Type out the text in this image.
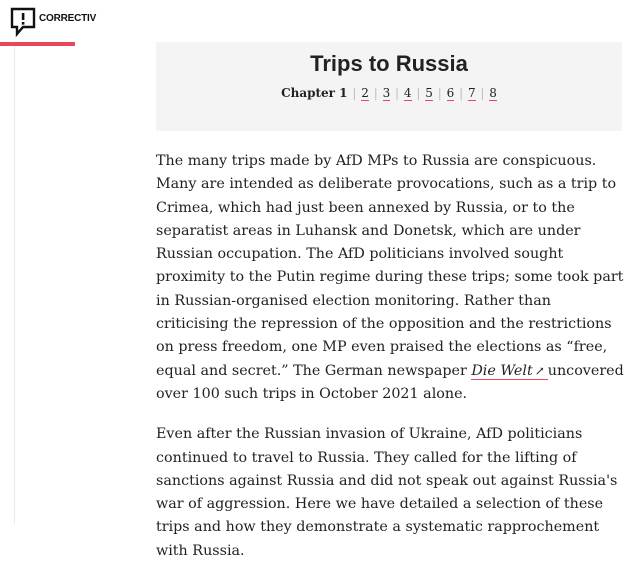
CORRECTIV
Trips to Russia
Chapter 1 | 2 | 3 | 4 | 5 | 6 | 7 | 8

The many trips made by AfD MPs to Russia are conspicuous. Many are intended as deliberate provocations, such as a trip to Crimea, which had just been annexed by Russia, or to the separatist areas in Luhansk and Donetsk, which are under Russian occupation. The AfD politicians involved sought proximity to the Putin regime during these trips; some took part in Russian-organised election monitoring. Rather than criticising the repression of the opposition and the restrictions on press freedom, one MP even praised the elections as “free, equal and secret.” The German newspaper Die Welt ↗ uncovered over 100 such trips in October 2021 alone.

Even after the Russian invasion of Ukraine, AfD politicians continued to travel to Russia. They called for the lifting of sanctions against Russia and did not speak out against Russia's war of aggression. Here we have detailed a selection of these trips and how they demonstrate a systematic rapprochement with Russia.
